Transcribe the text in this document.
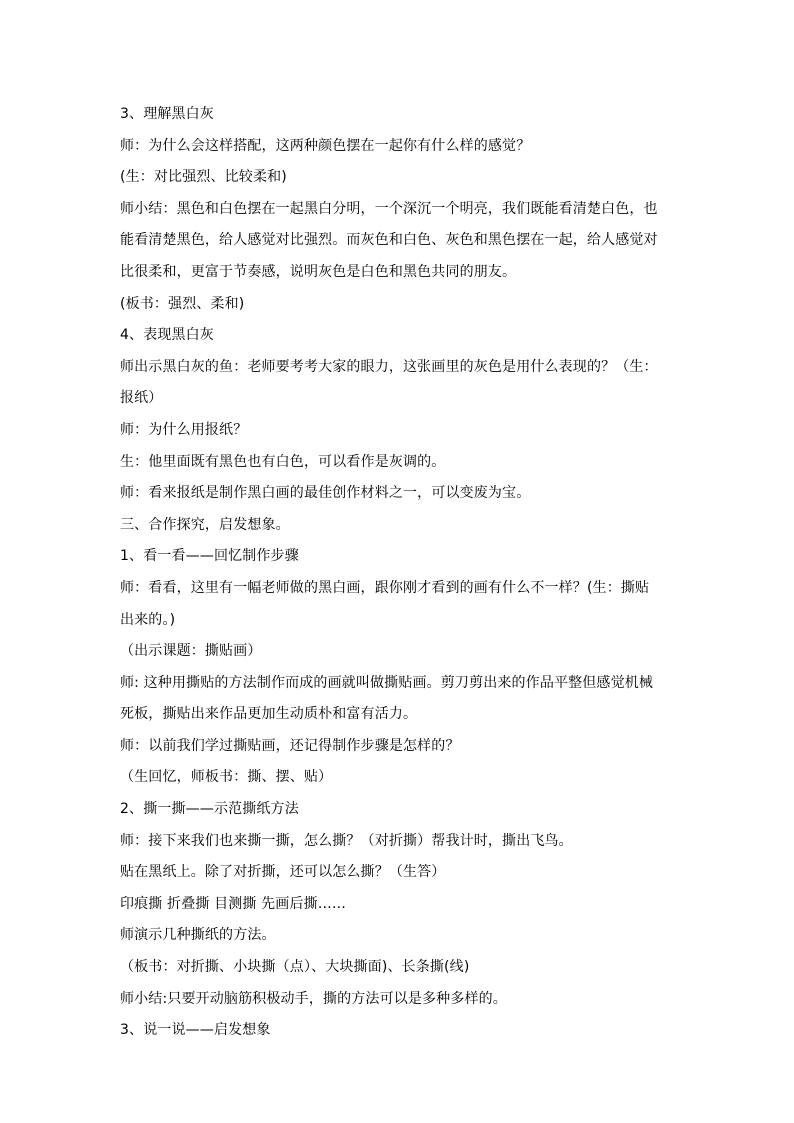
3、理解黑白灰

师：为什么会这样搭配，这两种颜色摆在一起你有什么样的感觉？

(生：对比强烈、比较柔和)

师小结：黑色和白色摆在一起黑白分明，一个深沉一个明亮，我们既能看清楚白色，也

能看清楚黑色，给人感觉对比强烈。而灰色和白色、灰色和黑色摆在一起，给人感觉对

比很柔和，更富于节奏感，说明灰色是白色和黑色共同的朋友。

(板书：强烈、柔和)

4、表现黑白灰

师出示黑白灰的鱼：老师要考考大家的眼力，这张画里的灰色是用什么表现的？（生：

报纸）

师：为什么用报纸？

生：他里面既有黑色也有白色，可以看作是灰调的。

师：看来报纸是制作黑白画的最佳创作材料之一，可以变废为宝。

三、合作探究，启发想象。

1、看一看——回忆制作步骤

师：看看，这里有一幅老师做的黑白画，跟你刚才看到的画有什么不一样？(生：撕贴

出来的。)

（出示课题：撕贴画）

师: 这种用撕贴的方法制作而成的画就叫做撕贴画。剪刀剪出来的作品平整但感觉机械

死板，撕贴出来作品更加生动质朴和富有活力。

师：以前我们学过撕贴画，还记得制作步骤是怎样的？

（生回忆，师板书：撕、摆、贴）

2、撕一撕——示范撕纸方法

师：接下来我们也来撕一撕，怎么撕？（对折撕）帮我计时，撕出飞鸟。

贴在黑纸上。除了对折撕，还可以怎么撕？（生答）

印痕撕 折叠撕 目测撕 先画后撕……

师演示几种撕纸的方法。

（板书：对折撕、小块撕（点）、大块撕面)、长条撕(线)

师小结:只要开动脑筋积极动手，撕的方法可以是多种多样的。

3、说一说——启发想象
